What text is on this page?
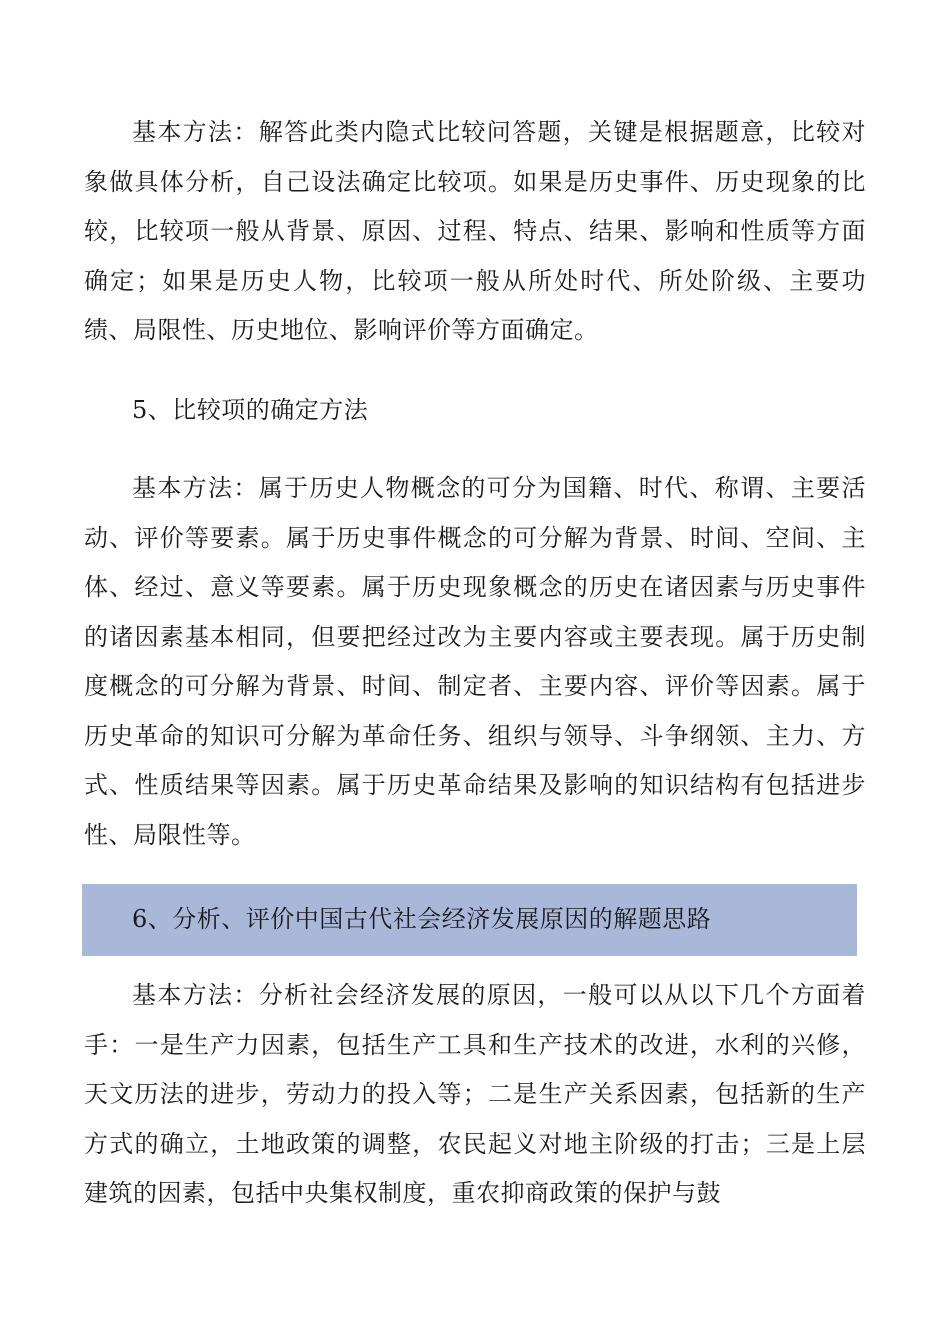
基本方法：解答此类内隐式比较问答题，关键是根据题意，比较对象做具体分析，自己设法确定比较项。如果是历史事件、历史现象的比较，比较项一般从背景、原因、过程、特点、结果、影响和性质等方面确定；如果是历史人物，比较项一般从所处时代、所处阶级、主要功绩、局限性、历史地位、影响评价等方面确定。

5、比较项的确定方法

基本方法：属于历史人物概念的可分为国籍、时代、称谓、主要活动、评价等要素。属于历史事件概念的可分解为背景、时间、空间、主体、经过、意义等要素。属于历史现象概念的历史在诸因素与历史事件的诸因素基本相同，但要把经过改为主要内容或主要表现。属于历史制度概念的可分解为背景、时间、制定者、主要内容、评价等因素。属于历史革命的知识可分解为革命任务、组织与领导、斗争纲领、主力、方式、性质结果等因素。属于历史革命结果及影响的知识结构有包括进步性、局限性等。

6、分析、评价中国古代社会经济发展原因的解题思路

基本方法：分析社会经济发展的原因，一般可以从以下几个方面着手：一是生产力因素，包括生产工具和生产技术的改进，水利的兴修，天文历法的进步，劳动力的投入等；二是生产关系因素，包括新的生产方式的确立，土地政策的调整，农民起义对地主阶级的打击；三是上层建筑的因素，包括中央集权制度，重农抑商政策的保护与鼓
